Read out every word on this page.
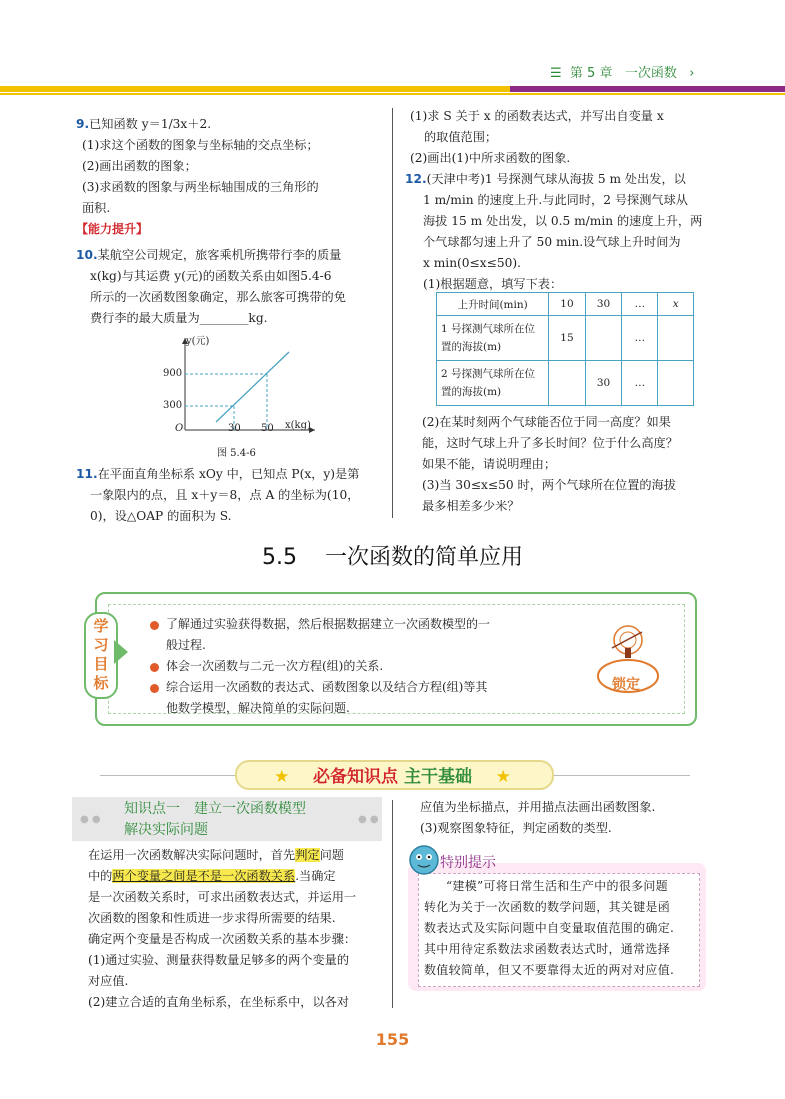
☰ 第 5 章 一次函数 ›
9.已知函数 y＝1/3x＋2.
(1)求这个函数的图象与坐标轴的交点坐标；
(2)画出函数的图象；
(3)求函数的图象与两坐标轴围成的三角形的
面积.
【能力提升】
10.某航空公司规定，旅客乘机所携带行李的质量
x(kg)与其运费 y(元)的函数关系由如图5.4-6
所示的一次函数图象确定，那么旅客可携带的免
费行李的最大质量为________kg.
y(元)
x(kg)
O
900
300
30 50
图 5.4-6
11.在平面直角坐标系 xOy 中，已知点 P(x，y)是第
一象限内的点，且 x＋y＝8，点 A 的坐标为(10，
0)，设△OAP 的面积为 S.
(1)求 S 关于 x 的函数表达式，并写出自变量 x
的取值范围；
(2)画出(1)中所求函数的图象.
12.(天津中考)1 号探测气球从海拔 5 m 处出发，以
1 m/min 的速度上升.与此同时，2 号探测气球从
海拔 15 m 处出发，以 0.5 m/min 的速度上升，两
个气球都匀速上升了 50 min.设气球上升时间为
x min(0≤x≤50).
(1)根据题意，填写下表：
上升时间(min)	10	30	…	x

1 号探测气球所在位
置的海拔(m)	15		…	

2 号探测气球所在位
置的海拔(m)		30	…	
(2)在某时刻两个气球能否位于同一高度？如果
能，这时气球上升了多长时间？位于什么高度？
如果不能，请说明理由；
(3)当 30≤x≤50 时，两个气球所在位置的海拔
最多相差多少米？
5.5 一次函数的简单应用
学
习
目
标
了解通过实验获得数据，然后根据数据建立一次函数模型的一
般过程.
体会一次函数与二元一次方程(组)的关系.
综合运用一次函数的表达式、函数图象以及结合方程(组)等其
他数学模型，解决简单的实际问题.
锁定
★ 必备知识点 主干基础 ★
● ●	● ●
知识点一　建立一次函数模型
解决实际问题
在运用一次函数解决实际问题时，首先判定问题
中的两个变量之间是不是一次函数关系.当确定
是一次函数关系时，可求出函数表达式，并运用一
次函数的图象和性质进一步求得所需要的结果.
确定两个变量是否构成一次函数关系的基本步骤：
(1)通过实验、测量获得数量足够多的两个变量的
对应值.
(2)建立合适的直角坐标系，在坐标系中，以各对
应值为坐标描点，并用描点法画出函数图象.
(3)观察图象特征，判定函数的类型.
特别提示
“建模”可将日常生活和生产中的很多问题
转化为关于一次函数的数学问题，其关键是函
数表达式及实际问题中自变量取值范围的确定.
其中用待定系数法求函数表达式时，通常选择
数值较简单，但又不要靠得太近的两对对应值.
155
